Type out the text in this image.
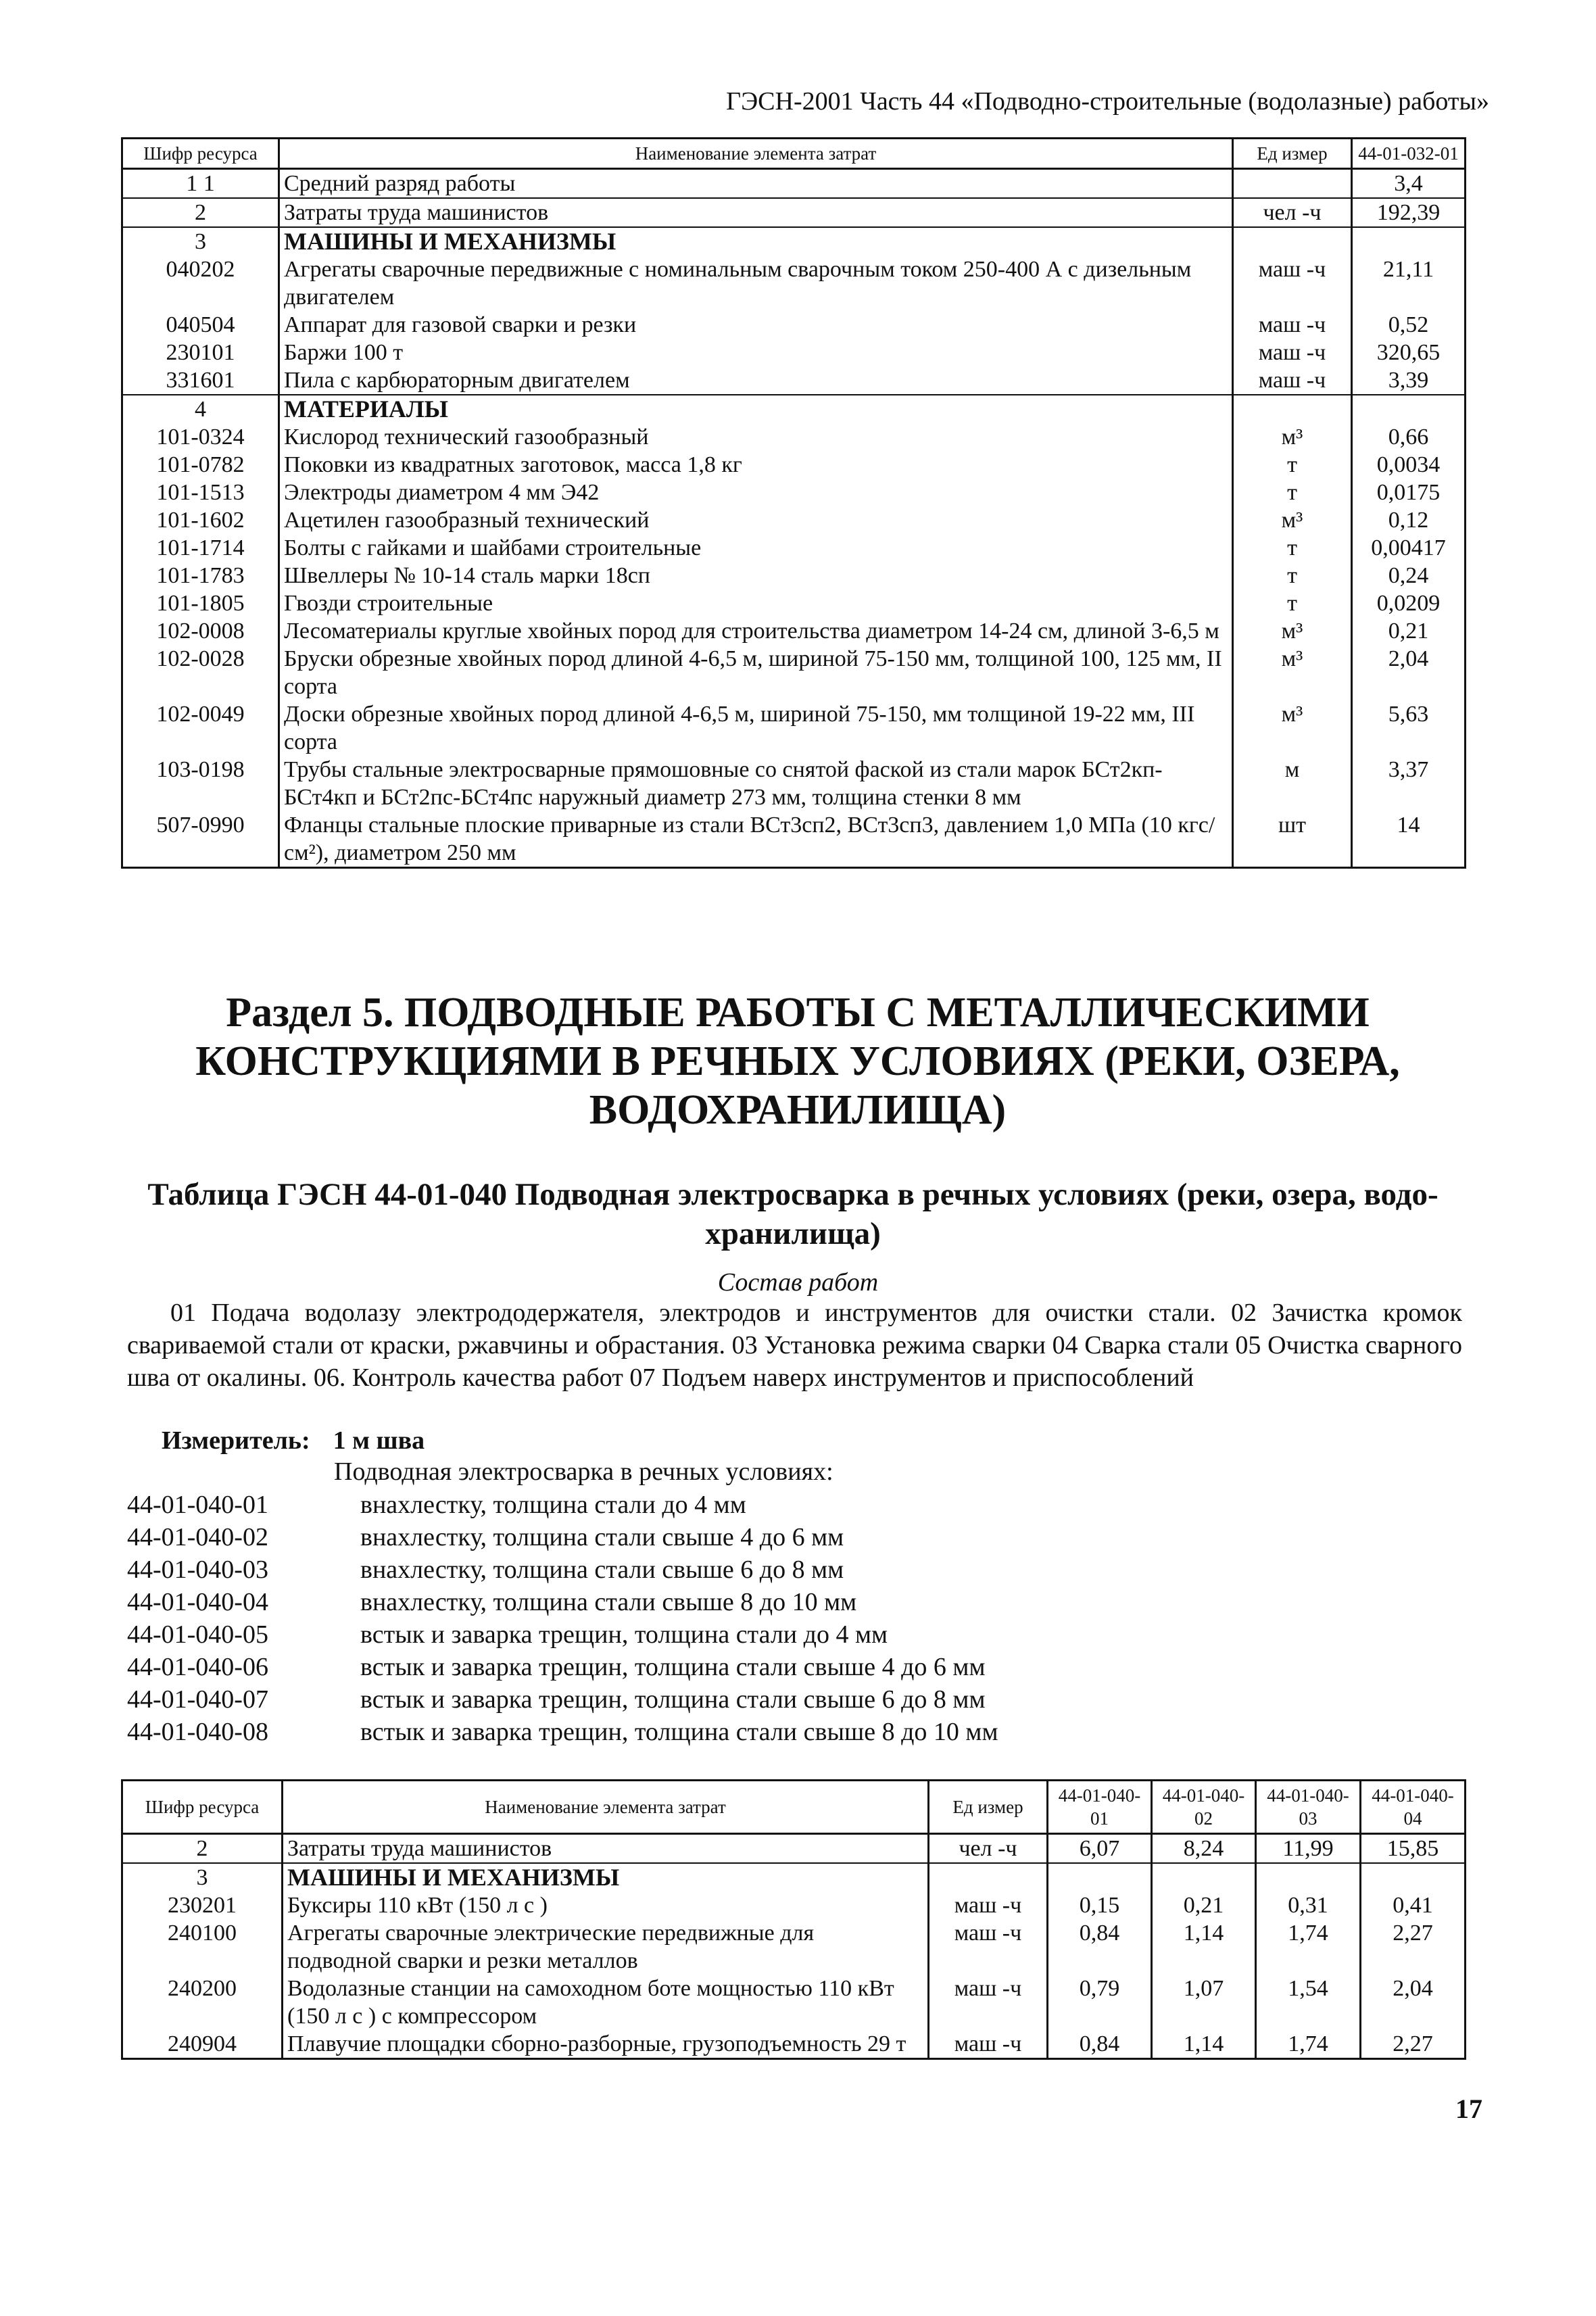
ГЭСН-2001 Часть 44 «Подводно-строительные (водолазные) работы»
Шифр ресурса	Наименование элемента затрат	Ед измер	44-01-032-01
1 1	Средний разряд работы		3,4
2	Затраты труда машинистов	чел -ч	192,39
3	МАШИНЫ И МЕХАНИЗМЫ		
040202	Агрегаты сварочные передвижные с номинальным сварочным током 250-400 А с дизельным двигателем	маш -ч	21,11
040504	Аппарат для газовой сварки и резки	маш -ч	0,52
230101	Баржи 100 т	маш -ч	320,65
331601	Пила с карбюраторным двигателем	маш -ч	3,39
4	МАТЕРИАЛЫ		
101-0324	Кислород технический газообразный	м³	0,66
101-0782	Поковки из квадратных заготовок, масса 1,8 кг	т	0,0034
101-1513	Электроды диаметром 4 мм Э42	т	0,0175
101-1602	Ацетилен газообразный технический	м³	0,12
101-1714	Болты с гайками и шайбами строительные	т	0,00417
101-1783	Швеллеры № 10-14 сталь марки 18сп	т	0,24
101-1805	Гвозди строительные	т	0,0209
102-0008	Лесоматериалы круглые хвойных пород для строительства диаметром 14-24 см, длиной 3-6,5 м	м³	0,21
102-0028	Бруски обрезные хвойных пород длиной 4-6,5 м, шириной 75-150 мм, толщиной 100, 125 мм, II сорта	м³	2,04
102-0049	Доски обрезные хвойных пород длиной 4-6,5 м, шириной 75-150, мм толщиной 19-22 мм, III сорта	м³	5,63
103-0198	Трубы стальные электросварные прямошовные со снятой фаской из стали марок БСт2кп-БСт4кп и БСт2пс-БСт4пс наружный диаметр 273 мм, толщина стенки 8 мм	м	3,37
507-0990	Фланцы стальные плоские приварные из стали ВСт3сп2, ВСт3сп3, давлением 1,0 МПа (10 кгс/см²), диаметром 250 мм	шт	14
Раздел 5. ПОДВОДНЫЕ РАБОТЫ С МЕТАЛЛИЧЕСКИМИ
КОНСТРУКЦИЯМИ В РЕЧНЫХ УСЛОВИЯХ (РЕКИ, ОЗЕРА,
ВОДОХРАНИЛИЩА)
Таблица ГЭСН 44-01-040 Подводная электросварка в речных условиях (реки, озера, водо-
хранилища)
Состав работ
01 Подача водолазу электрододержателя, электродов и инструментов для очистки стали. 02 Зачистка кромок свариваемой стали от краски, ржавчины и обрастания. 03 Установка режима сварки 04 Сварка стали 05 Очистка сварного шва от окалины. 06. Контроль качества работ 07 Подъем наверх инструментов и приспособлений
Измеритель: 1 м шва
Подводная электросварка в речных условиях:
44-01-040-01	внахлестку, толщина стали до 4 мм
44-01-040-02	внахлестку, толщина стали свыше 4 до 6 мм
44-01-040-03	внахлестку, толщина стали свыше 6 до 8 мм
44-01-040-04	внахлестку, толщина стали свыше 8 до 10 мм
44-01-040-05	встык и заварка трещин, толщина стали до 4 мм
44-01-040-06	встык и заварка трещин, толщина стали свыше 4 до 6 мм
44-01-040-07	встык и заварка трещин, толщина стали свыше 6 до 8 мм
44-01-040-08	встык и заварка трещин, толщина стали свыше 8 до 10 мм
Шифр ресурса	Наименование элемента затрат	Ед измер	44-01-040-01	44-01-040-02	44-01-040-03	44-01-040-04
2	Затраты труда машинистов	чел -ч	6,07	8,24	11,99	15,85
3	МАШИНЫ И МЕХАНИЗМЫ					
230201	Буксиры 110 кВт (150 л с )	маш -ч	0,15	0,21	0,31	0,41
240100	Агрегаты сварочные электрические передвижные для подводной сварки и резки металлов	маш -ч	0,84	1,14	1,74	2,27
240200	Водолазные станции на самоходном боте мощностью 110 кВт (150 л с ) с компрессором	маш -ч	0,79	1,07	1,54	2,04
240904	Плавучие площадки сборно-разборные, грузоподъемность 29 т	маш -ч	0,84	1,14	1,74	2,27
17
